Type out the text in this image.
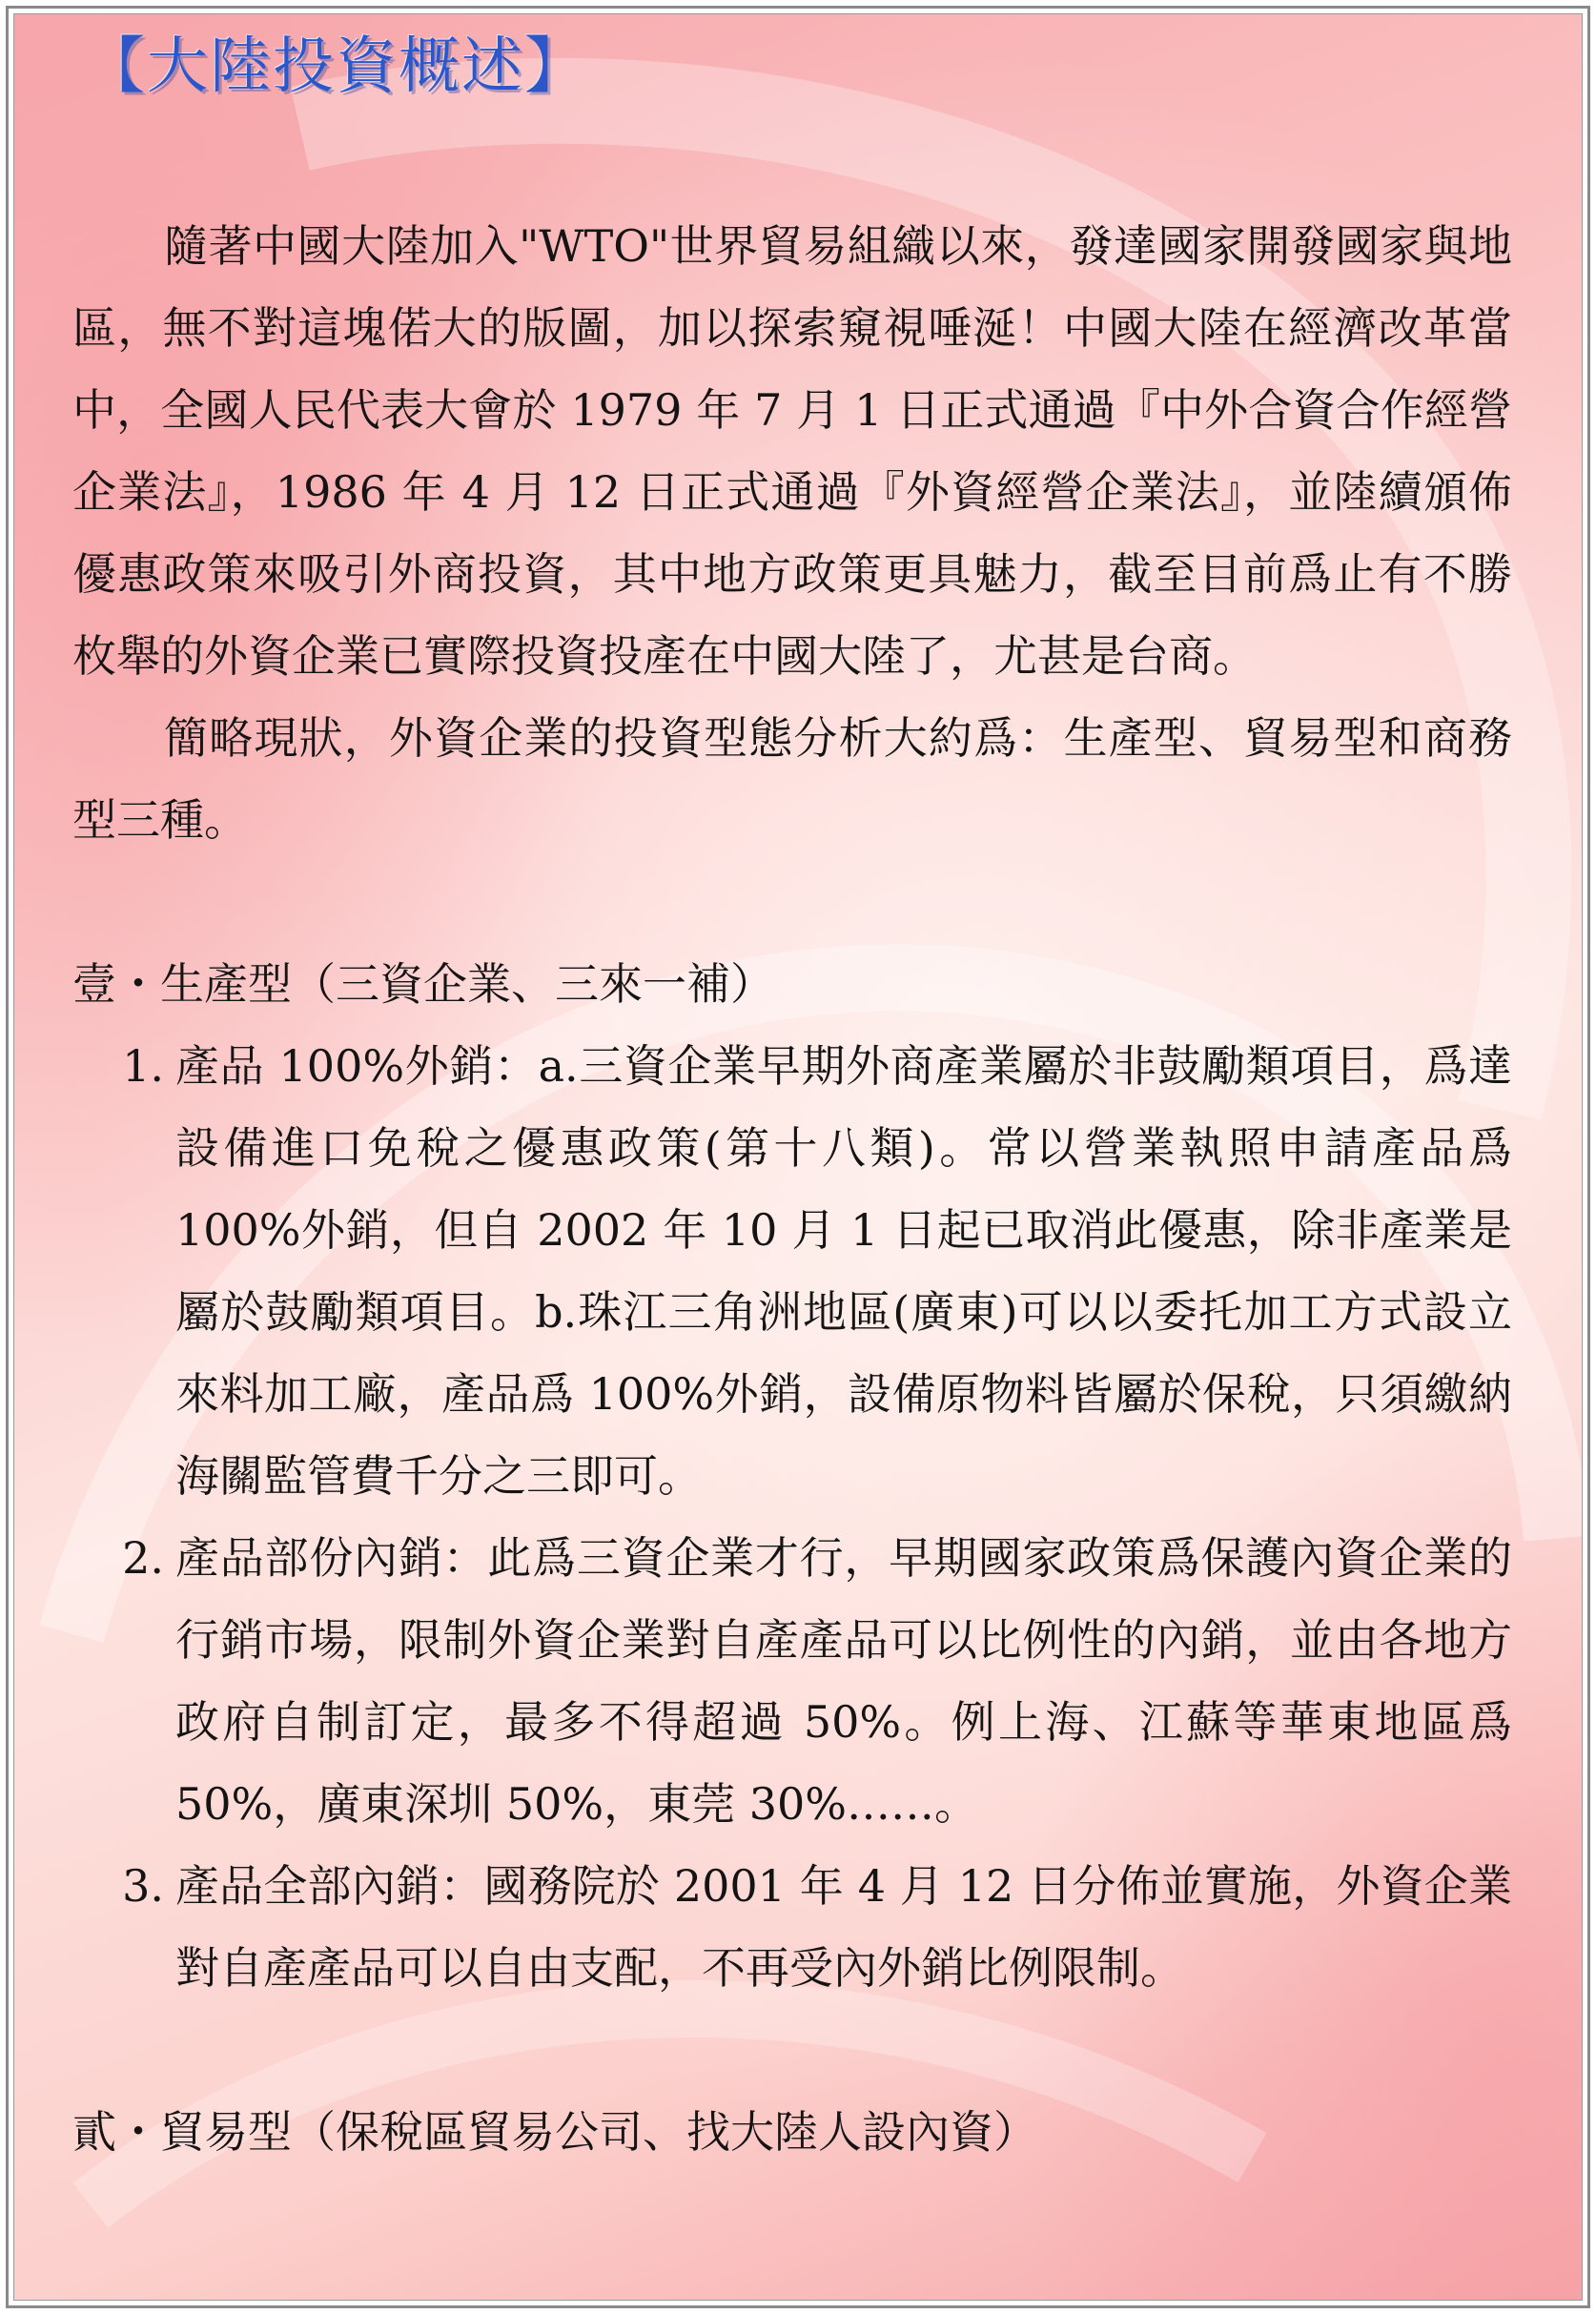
【大陸投資概述】

隨著中國大陸加入"WTO"世界貿易組織以來，發達國家開發國家與地區，無不對這塊偌大的版圖，加以探索窺視唾涎！中國大陸在經濟改革當中，全國人民代表大會於 1979 年 7 月 1 日正式通過『中外合資合作經營企業法』，1986 年 4 月 12 日正式通過『外資經營企業法』，並陸續頒佈優惠政策來吸引外商投資，其中地方政策更具魅力，截至目前爲止有不勝枚舉的外資企業已實際投資投產在中國大陸了，尤甚是台商。

簡略現狀，外資企業的投資型態分析大約爲：生產型、貿易型和商務型三種。

壹・生產型（三資企業、三來一補）

1. 產品 100%外銷：a.三資企業早期外商產業屬於非鼓勵類項目，爲達設備進口免稅之優惠政策(第十八類)。常以營業執照申請產品爲 100%外銷，但自 2002 年 10 月 1 日起已取消此優惠，除非產業是屬於鼓勵類項目。b.珠江三角洲地區(廣東)可以以委托加工方式設立來料加工廠，產品爲 100%外銷，設備原物料皆屬於保稅，只須繳納海關監管費千分之三即可。
2. 產品部份內銷：此爲三資企業才行，早期國家政策爲保護內資企業的行銷市場，限制外資企業對自產產品可以比例性的內銷，並由各地方政府自制訂定，最多不得超過 50%。例上海、江蘇等華東地區爲 50%，廣東深圳 50%，東莞 30%……。
3. 產品全部內銷：國務院於 2001 年 4 月 12 日分佈並實施，外資企業對自產產品可以自由支配，不再受內外銷比例限制。

貳・貿易型（保稅區貿易公司、找大陸人設內資）
